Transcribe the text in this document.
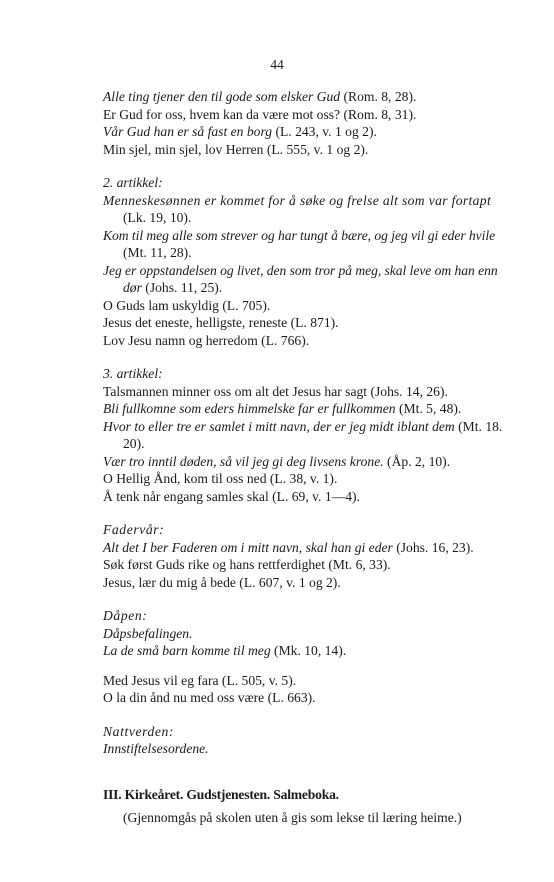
44
Alle ting tjener den til gode som elsker Gud (Rom. 8, 28).
Er Gud for oss, hvem kan da være mot oss? (Rom. 8, 31).
Vår Gud han er så fast en borg (L. 243, v. 1 og 2).
Min sjel, min sjel, lov Herren (L. 555, v. 1 og 2).
2. artikkel:
Menneskesønnen er kommet for å søke og frelse alt som var fortapt
(Lk. 19, 10).
Kom til meg alle som strever og har tungt å bære, og jeg vil gi eder hvile
(Mt. 11, 28).
Jeg er oppstandelsen og livet, den som tror på meg, skal leve om han enn
dør (Johs. 11, 25).
O Guds lam uskyldig (L. 705).
Jesus det eneste, helligste, reneste (L. 871).
Lov Jesu namn og herredom (L. 766).
3. artikkel:
Talsmannen minner oss om alt det Jesus har sagt (Johs. 14, 26).
Bli fullkomne som eders himmelske far er fullkommen (Mt. 5, 48).
Hvor to eller tre er samlet i mitt navn, der er jeg midt iblant dem (Mt. 18.
20).
Vær tro inntil døden, så vil jeg gi deg livsens krone. (Åp. 2, 10).
O Hellig Ånd, kom til oss ned (L. 38, v. 1).
Å tenk når engang samles skal (L. 69, v. 1—4).
Fadervår:
Alt det I ber Faderen om i mitt navn, skal han gi eder (Johs. 16, 23).
Søk først Guds rike og hans rettferdighet (Mt. 6, 33).
Jesus, lær du mig å bede (L. 607, v. 1 og 2).
Dåpen:
Dåpsbefalingen.
La de små barn komme til meg (Mk. 10, 14).
Med Jesus vil eg fara (L. 505, v. 5).
O la din ånd nu med oss være (L. 663).
Nattverden:
Innstiftelsesordene.
III. Kirkeåret. Gudstjenesten. Salmeboka.
(Gjennomgås på skolen uten å gis som lekse til læring heime.)
